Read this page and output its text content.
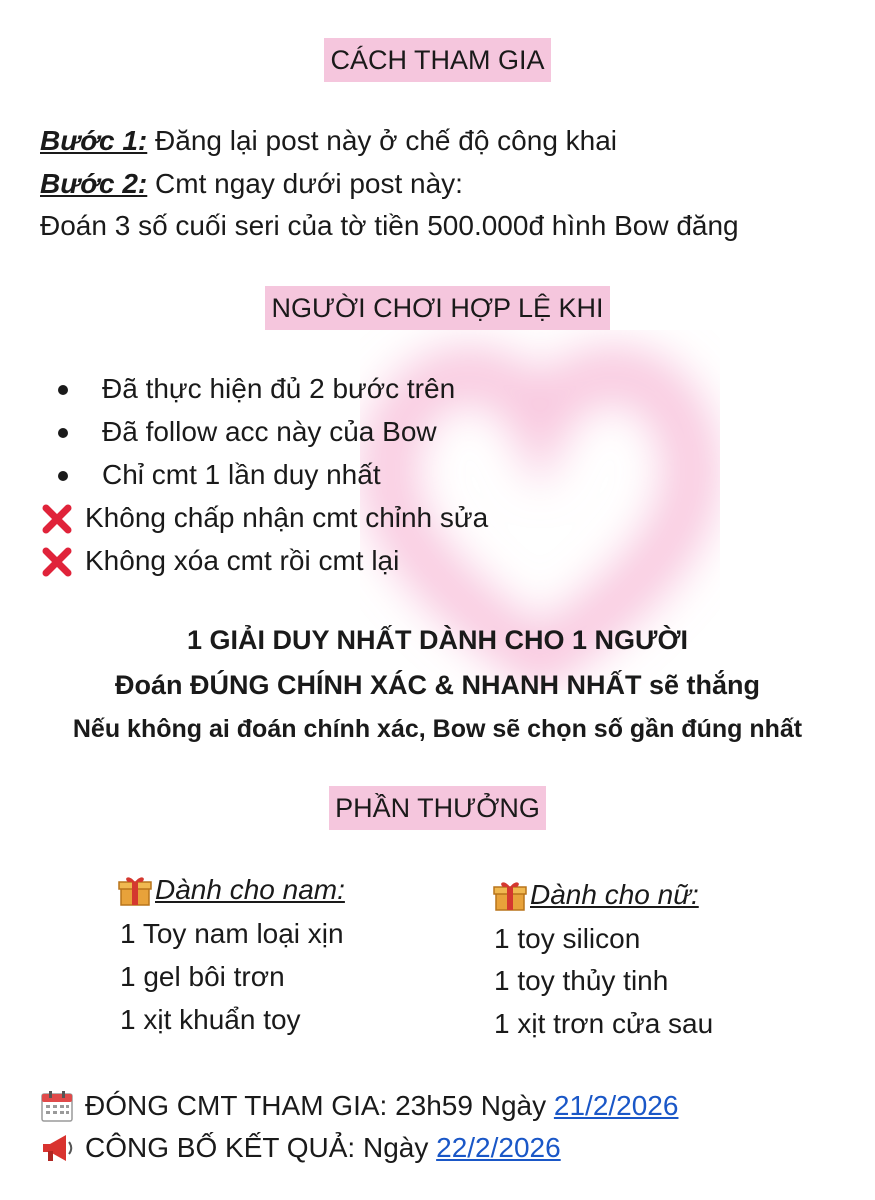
CÁCH THAM GIA
Bước 1: Đăng lại post này ở chế độ công khai
Bước 2: Cmt ngay dưới post này:
Đoán 3 số cuối seri của tờ tiền 500.000đ hình Bow đăng
NGƯỜI CHƠI HỢP LỆ KHI
Đã thực hiện đủ 2 bước trên
Đã follow acc này của Bow
Chỉ cmt 1 lần duy nhất
Không chấp nhận cmt chỉnh sửa
Không xóa cmt rồi cmt lại
1 GIẢI DUY NHẤT DÀNH CHO 1 NGƯỜI
Đoán ĐÚNG CHÍNH XÁC & NHANH NHẤT sẽ thắng
Nếu không ai đoán chính xác, Bow sẽ chọn số gần đúng nhất
PHẦN THƯỞNG
Dành cho nam:
1 Toy nam loại xịn
1 gel bôi trơn
1 xịt khuẩn toy
Dành cho nữ:
1 toy silicon
1 toy thủy tinh
1 xịt trơn cửa sau
ĐÓNG CMT THAM GIA: 23h59 Ngày 21/2/2026
CÔNG BỐ KẾT QUẢ: Ngày 22/2/2026
